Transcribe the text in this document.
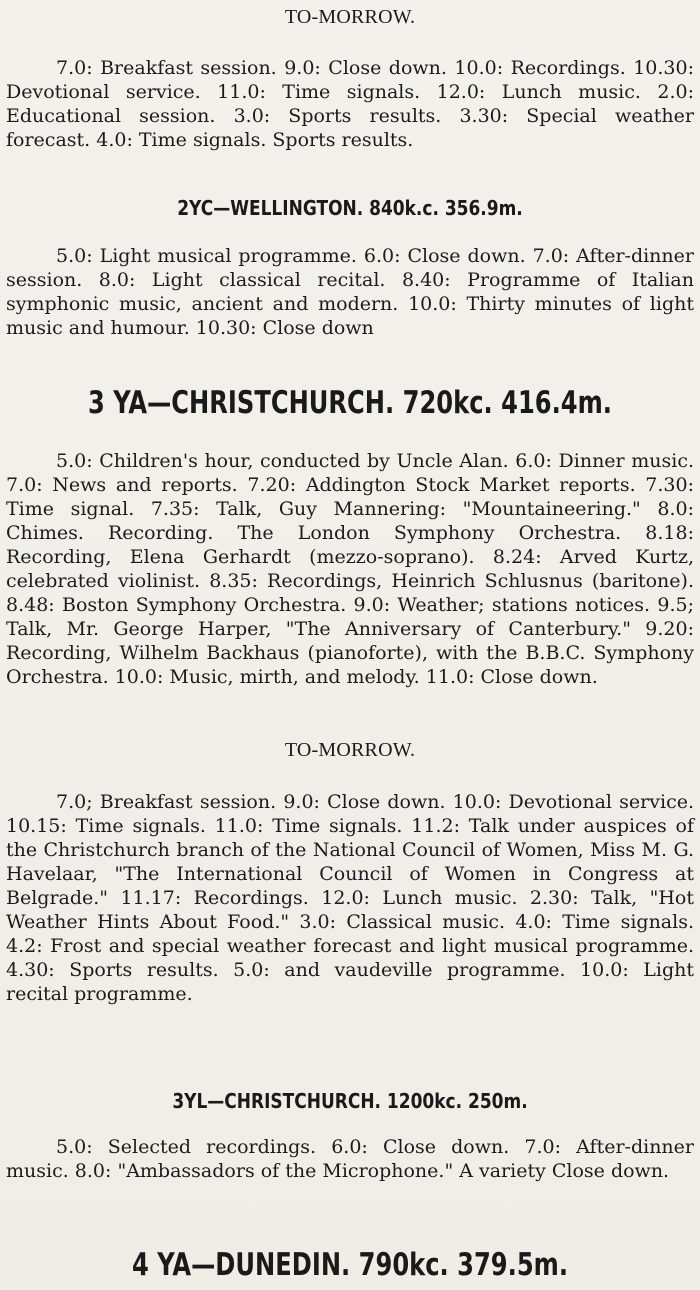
TO-MORROW.

7.0: Breakfast session. 9.0: Close down. 10.0: Recordings. 10.30: Devotional service. 11.0: Time signals. 12.0: Lunch music. 2.0: Educational session. 3.0: Sports results. 3.30: Special weather forecast. 4.0: Time signals. Sports results.

2YC—WELLINGTON. 840k.c. 356.9m.

5.0: Light musical programme. 6.0: Close down. 7.0: After-dinner session. 8.0: Light classical recital. 8.40: Programme of Italian symphonic music, ancient and modern. 10.0: Thirty minutes of light music and humour. 10.30: Close down

3 YA—CHRISTCHURCH. 720kc. 416.4m.

5.0: Children's hour, conducted by Uncle Alan. 6.0: Dinner music. 7.0: News and reports. 7.20: Addington Stock Market reports. 7.30: Time signal. 7.35: Talk, Guy Mannering: "Mountaineering." 8.0: Chimes. Recording. The London Symphony Orchestra. 8.18: Recording, Elena Gerhardt (mezzo-soprano). 8.24: Arved Kurtz, celebrated violinist. 8.35: Recordings, Heinrich Schlusnus (baritone). 8.48: Boston Symphony Orchestra. 9.0: Weather; stations notices. 9.5; Talk, Mr. George Harper, "The Anniversary of Canterbury." 9.20: Recording, Wilhelm Backhaus (pianoforte), with the B.B.C. Symphony Orchestra. 10.0: Music, mirth, and melody. 11.0: Close down.

TO-MORROW.

7.0; Breakfast session. 9.0: Close down. 10.0: Devotional service. 10.15: Time signals. 11.0: Time signals. 11.2: Talk under auspices of the Christchurch branch of the National Council of Women, Miss M. G. Havelaar, "The International Council of Women in Congress at Belgrade." 11.17: Recordings. 12.0: Lunch music. 2.30: Talk, "Hot Weather Hints About Food." 3.0: Classical music. 4.0: Time signals. 4.2: Frost and special weather forecast and light musical programme. 4.30: Sports results. 5.0: and vaudeville programme. 10.0: Light recital programme.

3YL—CHRISTCHURCH. 1200kc. 250m.

5.0: Selected recordings. 6.0: Close down. 7.0: After-dinner music. 8.0: "Ambassadors of the Microphone." A variety Close down.

4 YA—DUNEDIN. 790kc. 379.5m.
